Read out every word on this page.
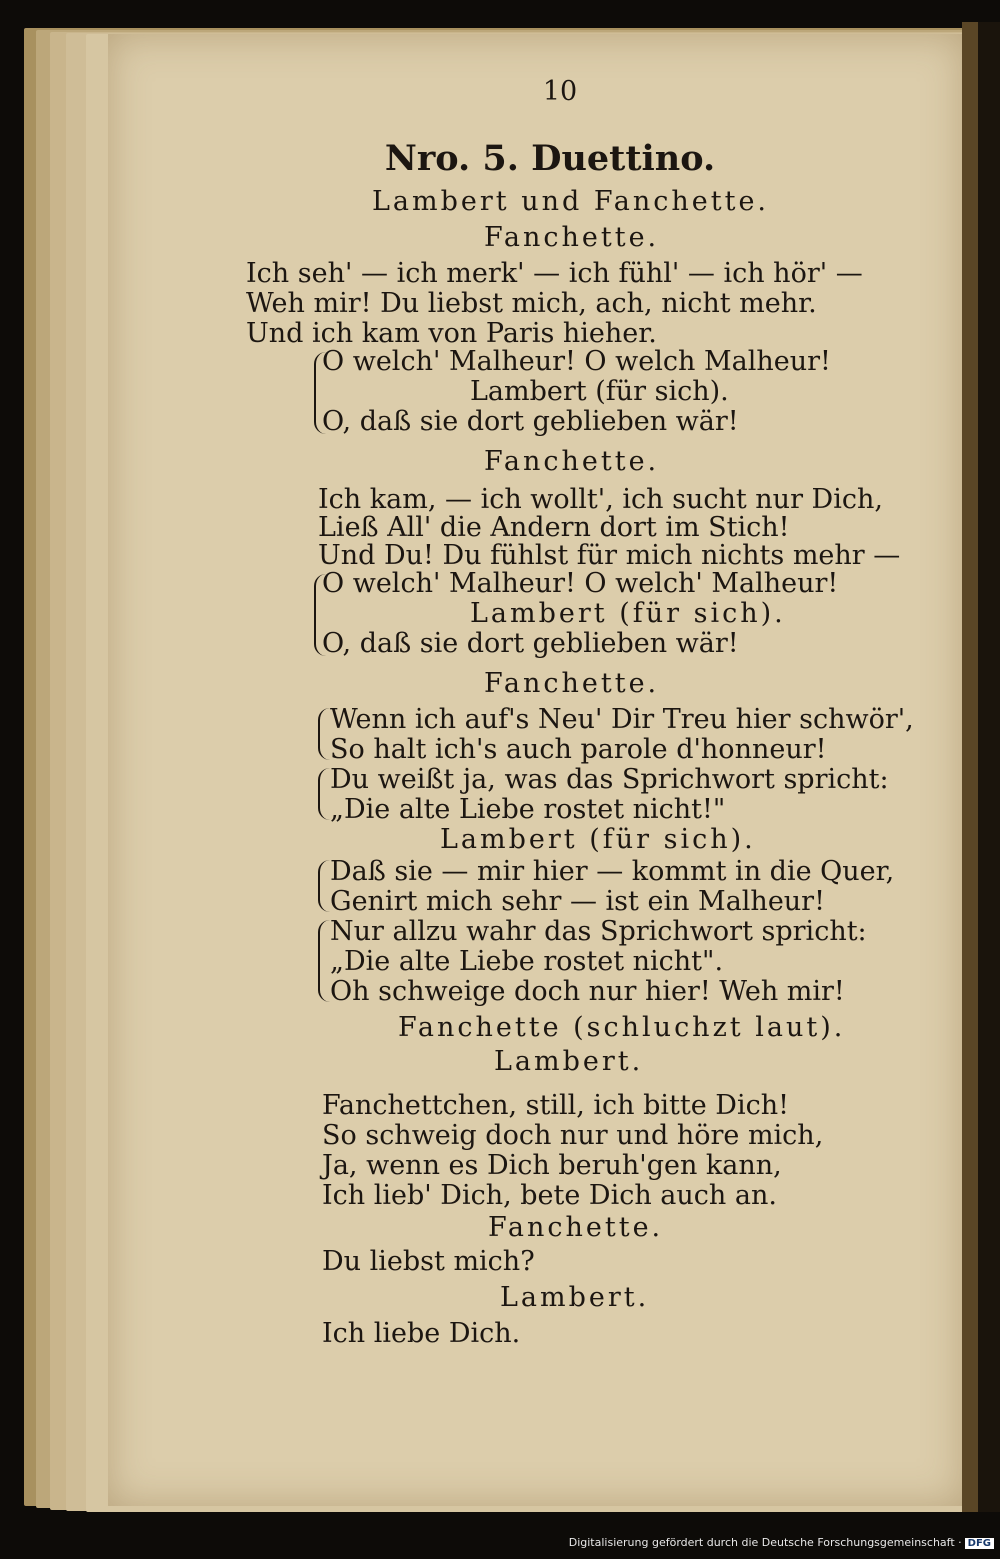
10
Nro. 5. Duettino.
Lambert und Fanchette.
Fanchette.
Ich seh' — ich merk' — ich fühl' — ich hör' —
Weh mir! Du liebst mich, ach, nicht mehr.
Und ich kam von Paris hieher.
O welch' Malheur! O welch Malheur!
Lambert (für sich).
O, daß sie dort geblieben wär!
Fanchette.
Ich kam, — ich wollt', ich sucht nur Dich,
Ließ All' die Andern dort im Stich!
Und Du! Du fühlst für mich nichts mehr —
O welch' Malheur! O welch' Malheur!
Lambert (für sich).
O, daß sie dort geblieben wär!
Fanchette.
Wenn ich auf's Neu' Dir Treu hier schwör',
So halt ich's auch parole d'honneur!
Du weißt ja, was das Sprichwort spricht:
„Die alte Liebe rostet nicht!"
Lambert (für sich).
Daß sie — mir hier — kommt in die Quer,
Genirt mich sehr — ist ein Malheur!
Nur allzu wahr das Sprichwort spricht:
„Die alte Liebe rostet nicht".
Oh schweige doch nur hier! Weh mir!
Fanchette (schluchzt laut).
Lambert.
Fanchettchen, still, ich bitte Dich!
So schweig doch nur und höre mich,
Ja, wenn es Dich beruh'gen kann,
Ich lieb' Dich, bete Dich auch an.
Fanchette.
Du liebst mich?
Lambert.
Ich liebe Dich.
Digitalisierung gefördert durch die Deutsche Forschungsgemeinschaft · DFG
